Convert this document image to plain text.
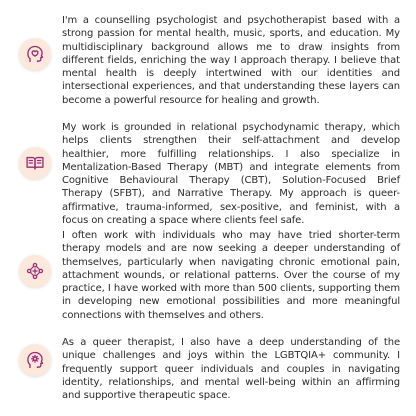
I'm a counselling psychologist and psychotherapist based with a strong passion for mental health, music, sports, and education. My multidisciplinary background allows me to draw insights from different fields, enriching the way I approach therapy. I believe that mental health is deeply intertwined with our identities and intersectional experiences, and that understanding these layers can become a powerful resource for healing and growth.

My work is grounded in relational psychodynamic therapy, which helps clients strengthen their self-attachment and develop healthier, more fulfilling relationships. I also specialize in Mentalization-Based Therapy (MBT) and integrate elements from Cognitive Behavioural Therapy (CBT), Solution-Focused Brief Therapy (SFBT), and Narrative Therapy. My approach is queer-affirmative, trauma-informed, sex-positive, and feminist, with a focus on creating a space where clients feel safe.

I often work with individuals who may have tried shorter-term therapy models and are now seeking a deeper understanding of themselves, particularly when navigating chronic emotional pain, attachment wounds, or relational patterns. Over the course of my practice, I have worked with more than 500 clients, supporting them in developing new emotional possibilities and more meaningful connections with themselves and others.

As a queer therapist, I also have a deep understanding of the unique challenges and joys within the LGBTQIA+ community. I frequently support queer individuals and couples in navigating identity, relationships, and mental well-being within an affirming and supportive therapeutic space.
